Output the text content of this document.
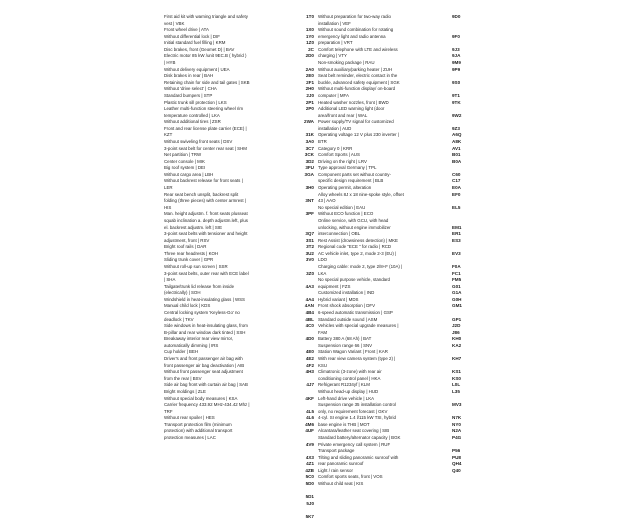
First aid kit with warning triangle and safety
vest | VBK
Front wheel drive | ATA
Without differential lock | DIF
Initial standard fuel filling | KRM
Disc brakes, front (Geomet D) | BAV
Electric motor 85 kW /unit 9EC.B ( hybrid )
| HYB
Without delivery equipment | UEA
Disk brakes in rear | BAH
Retaining chain for side and tail gates | SKB
Without 'drive select' | CHA
Standard bumpers | STP
Plastic trunk sill protection | LKS
Leather multi-function steering wheel rim
temperature controlled | LKA
Without additional tires | ZSR
Front and rear license plate carrier (ECE) |
KZT
Without swiveling front seats | DSV
3-point seat belt for center rear seat | SHM
Net partition | TRW
Center console | MIK
Big roof system | DEI
Without cargo area | LBH
Without backrest release for front seats |
LER
Rear seat bench unsplit, backrest split
folding (three pieces) with center armrest |
HIS
Man. height adjustm. f. front seats plusseat
squab inclination a. depth adjustm.left, plus
el. backrest adjustm. left | SIE
3-point seat belts with tensioner and height
adjustment, front | RSV
Bright roof rails | DAR
Three rear headrests | KOH
Sliding trunk cover | GPR
Without roll-up sun screen | SSR
3-point seat belts, outer rear with ECE label
| SHA
Tailgate/trunk lid release from inside
(electrically) | SOH
Windshield in heat-insulating glass | WSS
Manual child lock | KDS
Central locking system 'Keyless-Go' no
deadlock | TKV
Side windows in heat-insulating glass, from
B-pillar and rear window dark tinted | SSH
Breakaway interior rear view mirror,
automatically dimming | IRS
Cup holder | BEH
Driver's and front passenger air bag with
front passenger air bag deactivation | AIB
Without front passenger seat adjustment
from the rear | BSV
Side air bag front with curtain air bag | SAB
Bright moldings | ZLE
Without special body measures | KSA
Carrier frequency 433.92 MHz-434.42 Mhz |
TRF
Without rear spoiler | HES
Transport protection film (minimum
protection) with additional transport
protection measures | LAC
1T0
1X0
1Y0
1Z0
2C
2D0
2A0
2E0
2F1
2H0
2J0
2P1
2P0
2WA
31K
3A0
3C7
3CK
3D2
3FU
3GA
3H0
3NT
3PF
3Q7
3S1
3T2
3U2
3V0
3Z0
4A3
4A4
4AN
4B4
4BL
4C0
4D0
4E0
4E2
4F2
4H3
4J7
4KF
4L5
4L6
4M6
4UF
4V9
4X3
4Z1
4ZB
5C0
5D0
5D1
5J0
5K7
Without preparation for two-way radio
installation | VEF
Without sound combination for rotating
emergency light and radio antenna
preparation | VRT
Comfort telephone with LTE and wireless
charging | VTY
Non-smoking package | RAU
Without auxiliary/parking heater | ZUH
Seat belt reminder, electric contact in the
buckle, advanced safety equipment | SGK
Without multi-function display/ on-board
computer | MFA
Heated washer nozzles, front | BWD
Additional LED warning light (door
area/front and rear | WAL
Power supply/TV signal for customized
installation | AUD
Operating voltage 12 V plus 230 inverter |
BTR
Category 0 | KRR
Comfort Sports | AUS
Driving on the right | LRV
Type approval Germany | TPL
Component parts set without country-
specific design requirement | BLB
Operating permit, alteration
Alloy wheels 8J x 18 nine-spoke style, offset
43 | AAO
No special edition | EAU
Without ECO function | ECO
Online service, with GCU, with head
unlocking, without engine immobilizer
interconnection | OBL
Rest Assist (drowsiness detection) | MKE
Regional code "ECE " for radio | RCD
AC vehicle inlet, type 2, mode 2-3 (EU) |
LDO
Charging cable: mode 2, type 2/8+F (10A) |
LKA
No special purpose vehicle, standard
equipment | FZS
Customized installation | IND
Hybrid variant | MDS
Front shock absorption | DFV
6-speed automatic transmission | GSP
Standard outside sound | ASM
Vehicles with special upgrade measures |
FAM
Battery 380 A (68 Ah) | BAT
Suspension range 66 | SNV
Station Wagon Variant | Front | KAR
With rear view camera system (type 2) |
KSU
Climatronic (3-zone) with rear air
conditioning control panel | HKA
Refrigerant R1234yf | KLM
Without head-up display | HUD
Left-hand drive vehicle | LKA
Suspension range 35 installation control
only, no requirement forecast | GKV
4-cyl. SI engine 1.4 l/115 kW TSI, hybrid
base engine is THB | MOT
Alcantara/leather seat covering | SIB
Standard battery/alternator capacity | BGK
Private emergency call system | RUF
Transport package
Tilting and sliding panoramic sunroof with
rear panoramic sunroof
Light / rain sensor
Comfort sports seats, front | VOS
Without child seat | KIS
9D0
9F0
9J3
9JA
9M9
9P9
9S0
9T1
9TK
9W2
9Z3
A6Q
A8K
AV1
B01
B0A
C60
C17
E0A
EF0
EL5
EM1
ER1
ES3
EV3
F0A
FC1
FM5
G01
G1A
G0H
GM1
GP1
J2D
J86
KH0
KA2
KH7
KS1
KS0
L0L
L35
MV3
N7K
NY0
N2A
P4G
P56
PU8
QH4
Q40
